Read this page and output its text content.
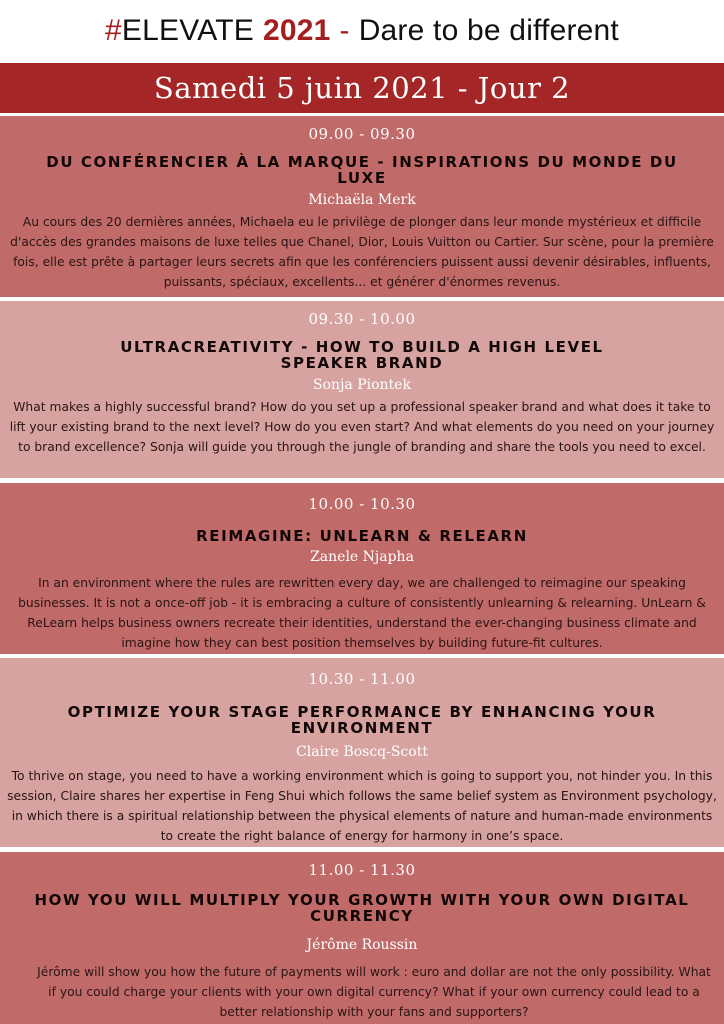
# ELEVATE 2021 - Dare to be different
Samedi 5 juin 2021 - Jour 2
09.00 - 09.30
DU CONFÉRENCIER À LA MARQUE - INSPIRATIONS DU MONDE DU LUXE
Michaëla Merk
Au cours des 20 dernières années, Michaela eu le privilège de plonger dans leur monde mystérieux et difficile d'accès des grandes maisons de luxe telles que Chanel, Dior, Louis Vuitton ou Cartier. Sur scène, pour la première fois, elle est prête à partager leurs secrets afin que les conférenciers puissent aussi devenir désirables, influents, puissants, spéciaux, excellents... et générer d'énormes revenus.
09.30 - 10.00
ULTRACREATIVITY - HOW TO BUILD A HIGH LEVEL SPEAKER BRAND
Sonja Piontek
What makes a highly successful brand? How do you set up a professional speaker brand and what does it take to lift your existing brand to the next level? How do you even start? And what elements do you need on your journey to brand excellence? Sonja will guide you through the jungle of branding and share the tools you need to excel.
10.00 - 10.30
REIMAGINE: UNLEARN & RELEARN
Zanele Njapha
In an environment where the rules are rewritten every day, we are challenged to reimagine our speaking businesses. It is not a once-off job - it is embracing a culture of consistently unlearning & relearning. UnLearn & ReLearn helps business owners recreate their identities, understand the ever-changing business climate and imagine how they can best position themselves by building future-fit cultures.
10.30 - 11.00
OPTIMIZE YOUR STAGE PERFORMANCE BY ENHANCING YOUR ENVIRONMENT
Claire Boscq-Scott
To thrive on stage, you need to have a working environment which is going to support you, not hinder you. In this session, Claire shares her expertise in Feng Shui which follows the same belief system as Environment psychology, in which there is a spiritual relationship between the physical elements of nature and human-made environments to create the right balance of energy for harmony in one’s space.
11.00 - 11.30
HOW YOU WILL MULTIPLY YOUR GROWTH WITH YOUR OWN DIGITAL CURRENCY
Jérôme Roussin
Jérôme will show you how the future of payments will work : euro and dollar are not the only possibility. What if you could charge your clients with your own digital currency? What if your own currency could lead to a better relationship with your fans and supporters?
